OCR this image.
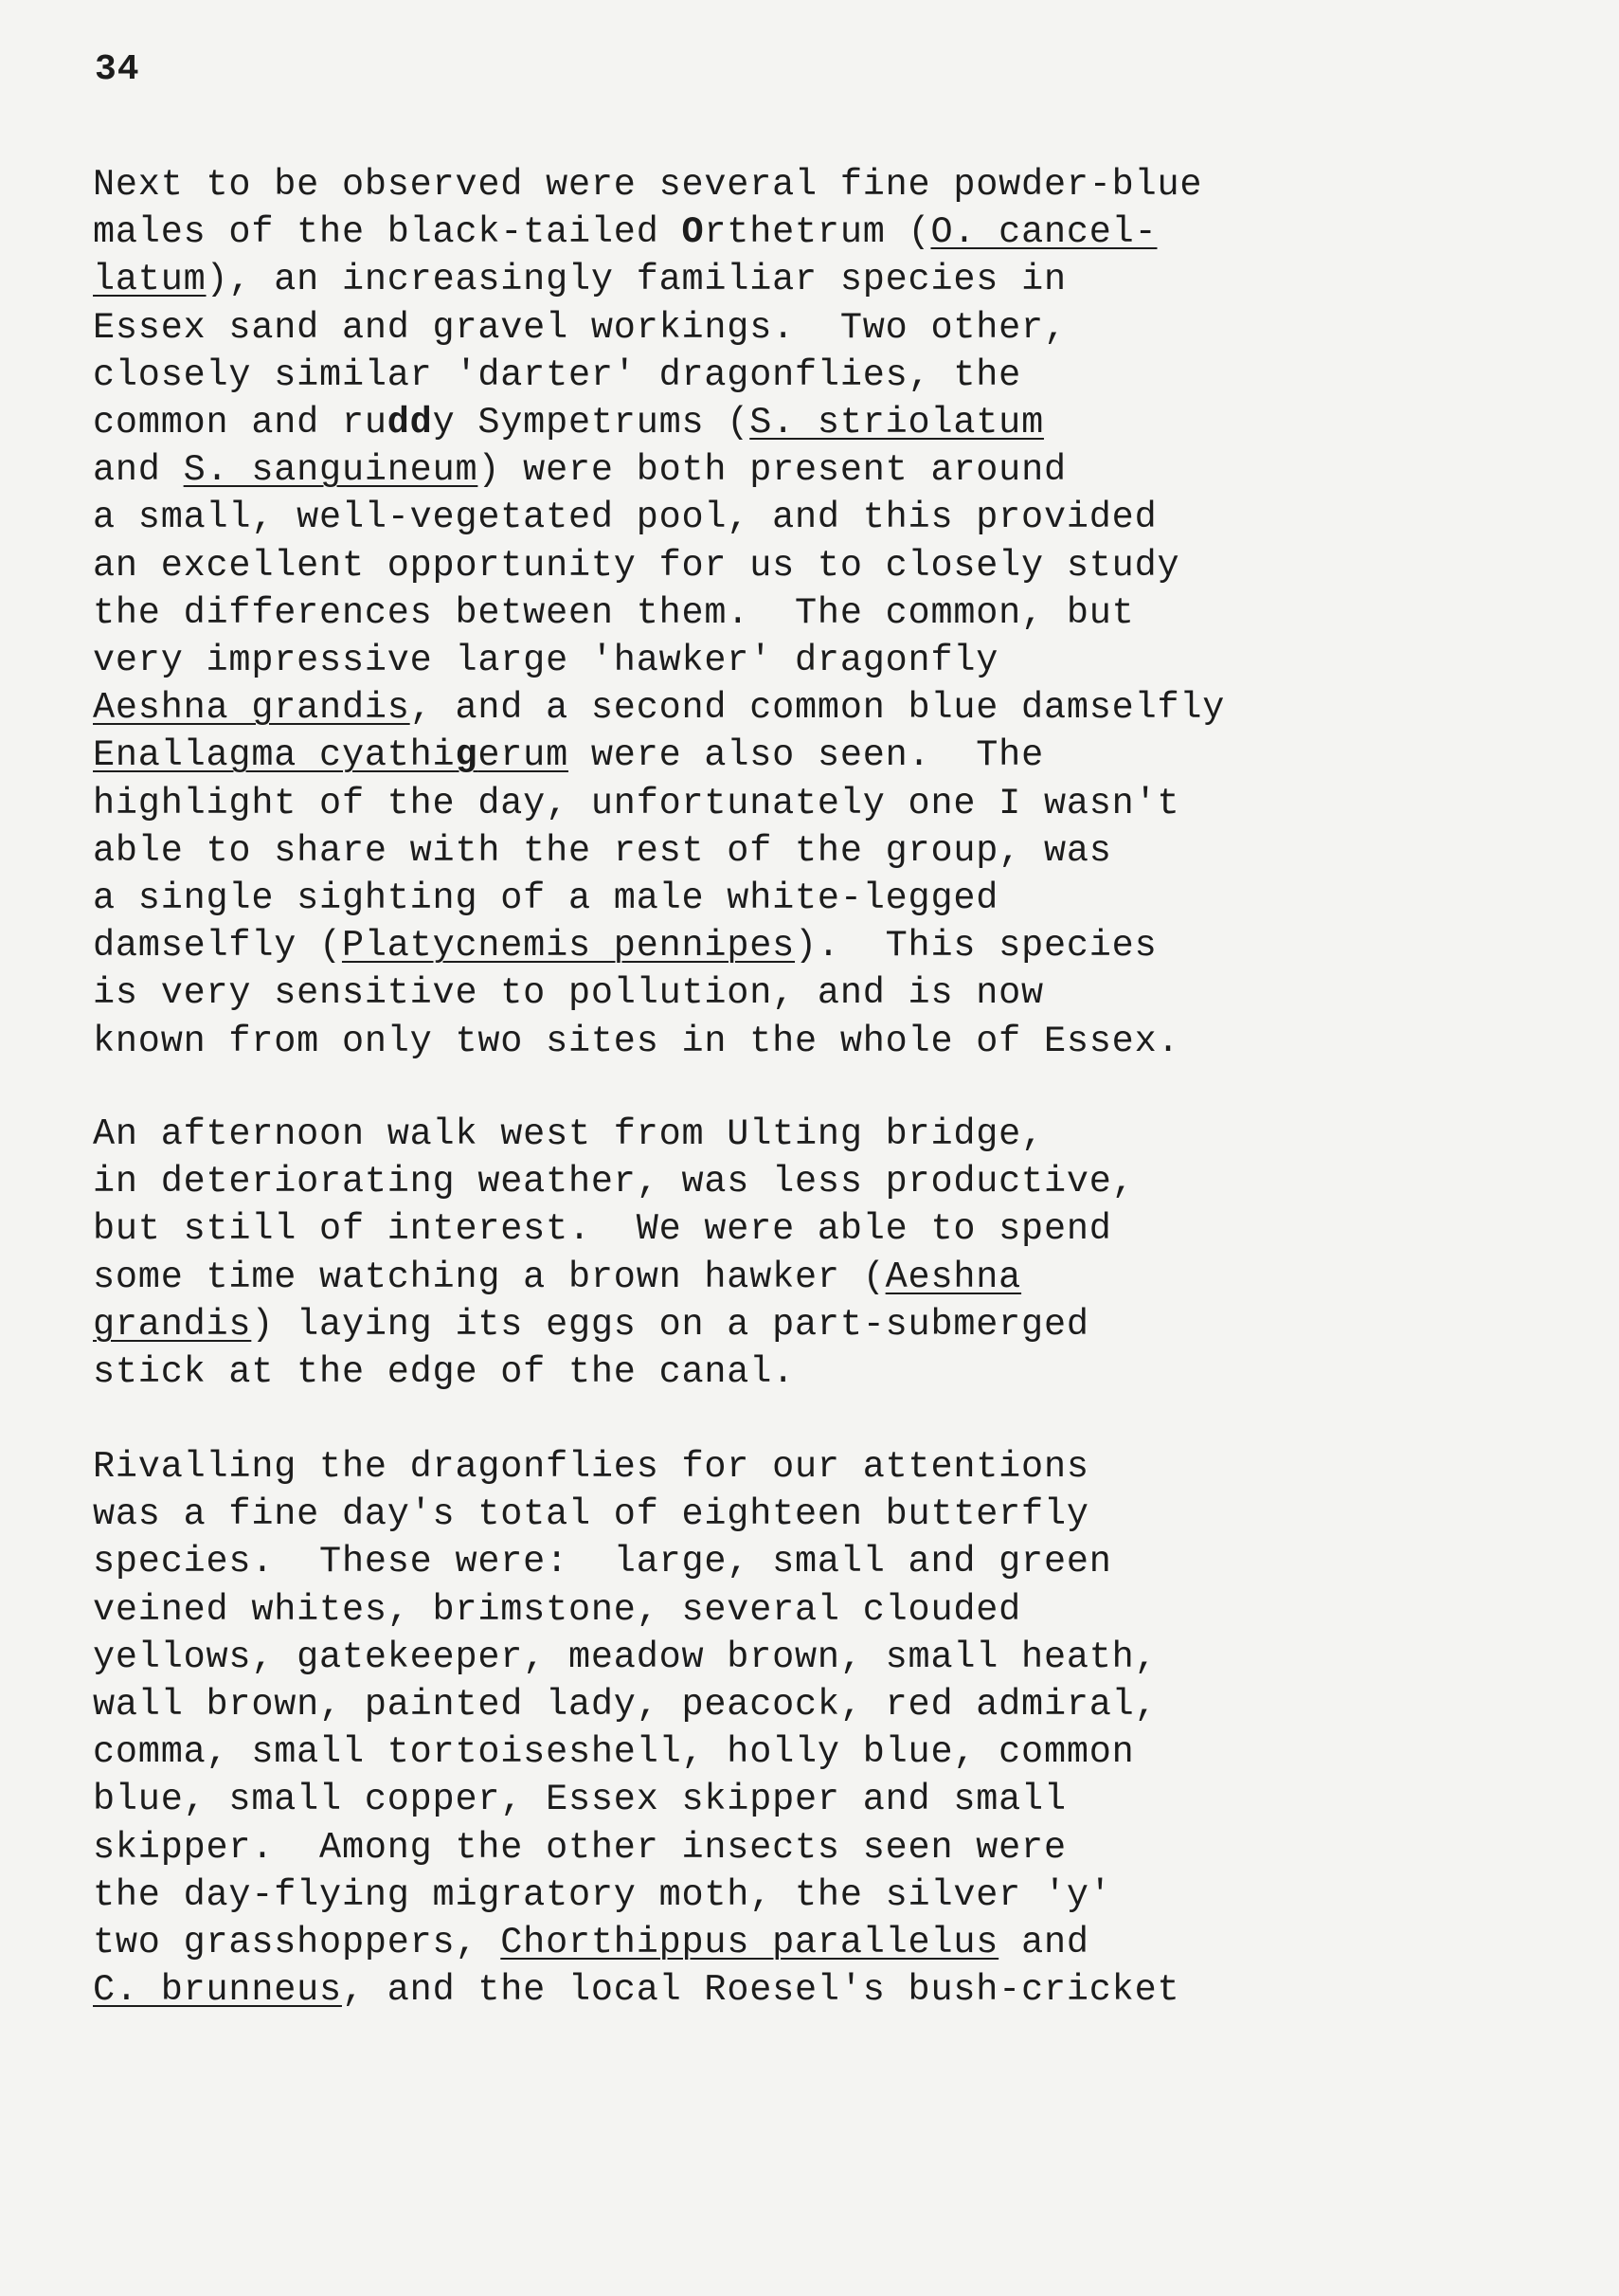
34
Next to be observed were several fine powder-blue
males of the black-tailed Orthetrum (O. cancel-
latum), an increasingly familiar species in
Essex sand and gravel workings.  Two other,
closely similar 'darter' dragonflies, the
common and ruddy Sympetrums (S. striolatum
and S. sanguineum) were both present around
a small, well-vegetated pool, and this provided
an excellent opportunity for us to closely study
the differences between them.  The common, but
very impressive large 'hawker' dragonfly
Aeshna grandis, and a second common blue damselfly
Enallagma cyathigerum were also seen.  The
highlight of the day, unfortunately one I wasn't
able to share with the rest of the group, was
a single sighting of a male white-legged
damselfly (Platycnemis pennipes).  This species
is very sensitive to pollution, and is now
known from only two sites in the whole of Essex.
An afternoon walk west from Ulting bridge,
in deteriorating weather, was less productive,
but still of interest.  We were able to spend
some time watching a brown hawker (Aeshna
grandis) laying its eggs on a part-submerged
stick at the edge of the canal.
Rivalling the dragonflies for our attentions
was a fine day's total of eighteen butterfly
species.  These were:  large, small and green
veined whites, brimstone, several clouded
yellows, gatekeeper, meadow brown, small heath,
wall brown, painted lady, peacock, red admiral,
comma, small tortoiseshell, holly blue, common
blue, small copper, Essex skipper and small
skipper.  Among the other insects seen were
the day-flying migratory moth, the silver 'y'
two grasshoppers, Chorthippus parallelus and
C. brunneus, and the local Roesel's bush-cricket
